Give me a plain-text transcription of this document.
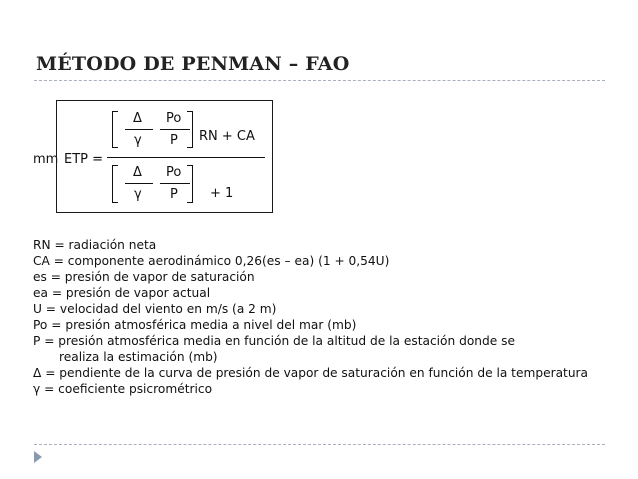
MÉTODO DE PENMAN – FAO
mm ETP =
Δ
γ
Po
P RN + CA
Δ
γ
Po
P + 1
RN = radiación neta
CA = componente aerodinámico 0,26(es – ea) (1 + 0,54U)
es = presión de vapor de saturación
ea = presión de vapor actual
U = velocidad del viento en m/s (a 2 m)
Po = presión atmosférica media a nivel del mar (mb)
P = presión atmosférica media en función de la altitud de la estación donde se
realiza la estimación (mb)
Δ = pendiente de la curva de presión de vapor de saturación en función de la temperatura
γ = coeficiente psicrométrico
